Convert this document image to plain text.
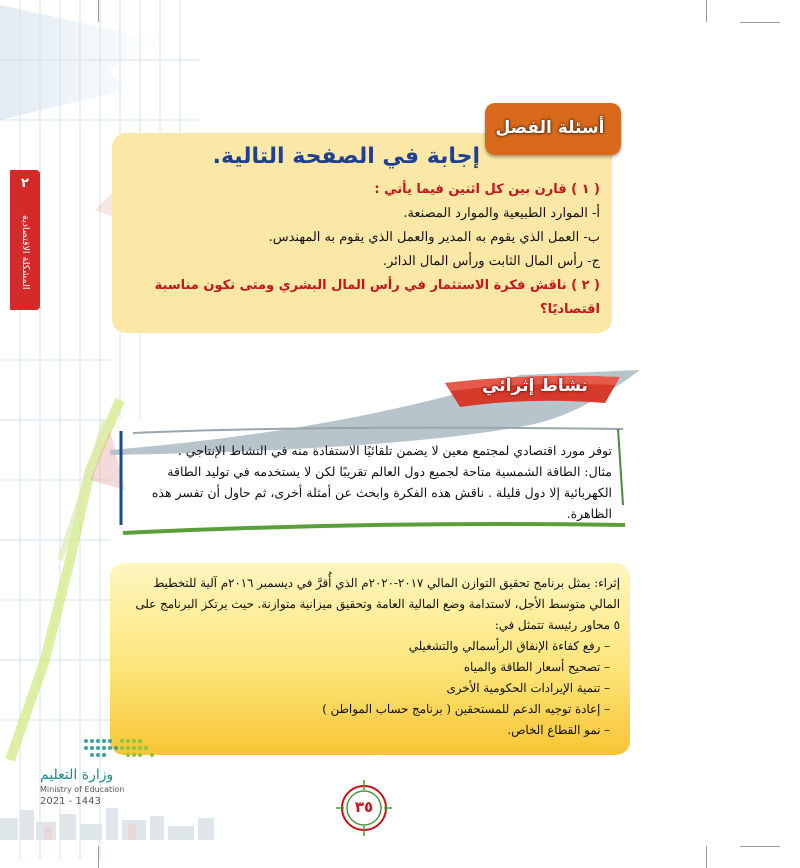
٢
المشكلة الاقتصادية
أسئلة الفصل
إجابة في الصفحة التالية.

( ١ ) قارن بين كل اثنين فيما يأتي :

أ- الموارد الطبيعية والموارد المصنعة.

ب- العمل الذي يقوم به المدير والعمل الذي يقوم به المهندس.

ج- رأس المال الثابت ورأس المال الدائر.

( ٢ ) ناقش فكرة الاستثمار في رأس المال البشري ومتى تكون مناسبة اقتصاديًا؟

نشاط إثرائي

توفر مورد اقتصادي لمجتمع معين لا يضمن تلقائيًا الاستفادة منه في النشاط الإنتاجي .

مثال: الطاقة الشمسية متاحة لجميع دول العالم تقريبًا لكن لا يستخدمه في توليد الطاقة

الكهربائية إلا دول قليلة . ناقش هذه الفكرة وابحث عن أمثلة أخرى، ثم حاول أن تفسر هذه

الظاهرة.

إثراء: يمثل برنامج تحقيق التوازن المالي ٢٠١٧-٢٠٢٠م الذي أُقرَّ في ديسمبر ٢٠١٦م آلية للتخطيط

المالي متوسط الأجل، لاستدامة وضع المالية العامة وتحقيق ميزانية متوازنة. حيث يرتكز البرنامج على

٥ محاور رئيسة تتمثل في:

– رفع كفاءة الإنفاق الرأسمالي والتشغيلي

– تصحيح أسعار الطاقة والمياه

– تنمية الإيرادات الحكومية الأخرى

– إعادة توجيه الدعم للمستحقين ( برنامج حساب المواطن )

– نمو القطاع الخاص.

وزارة التعليم
Ministry of Education
2021 - 1443	٣٥
